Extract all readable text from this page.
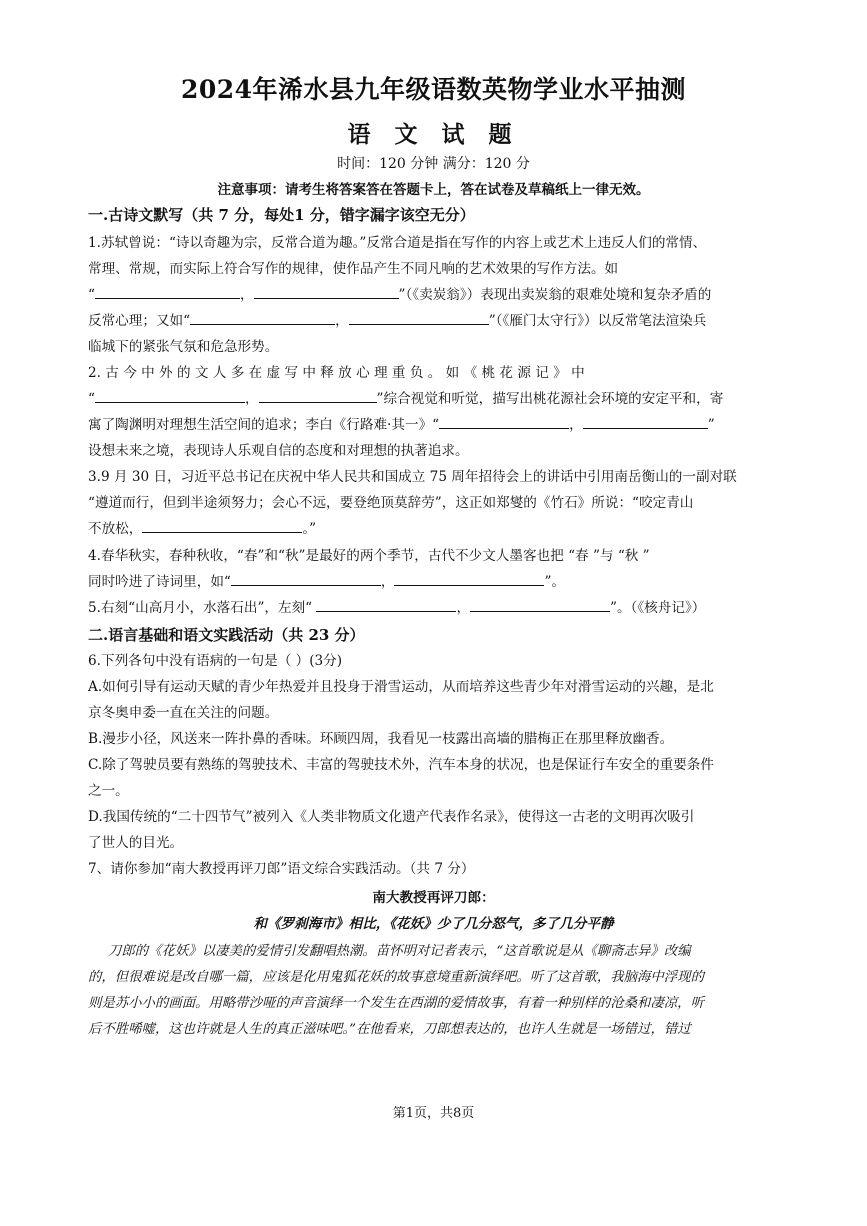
2024年浠水县九年级语数英物学业水平抽测
语 文 试 题
时间：120 分钟 满分：120 分
注意事项：请考生将答案答在答题卡上，答在试卷及草稿纸上一律无效。
一.古诗文默写（共 7 分，每处1 分，错字漏字该空无分）
1.苏轼曾说：“诗以奇趣为宗，反常合道为趣。”反常合道是指在写作的内容上或艺术上违反人们的常情、
常理、常规，而实际上符合写作的规律，使作品产生不同凡响的艺术效果的写作方法。如
“	，	”（《卖炭翁》）表现出卖炭翁的艰难处境和复杂矛盾的
反常心理；又如“	，	”（《雁门太守行》）以反常笔法渲染兵
临城下的紧张气氛和危急形势。
2. 古 今 中 外 的 文 人 多 在 虚 写 中 释 放 心 理 重 负 。 如 《 桃 花 源 记 》 中
“	，	”综合视觉和听觉，描写出桃花源社会环境的安定平和，寄
寓了陶渊明对理想生活空间的追求；李白《行路难·其一》“	，	”
设想未来之境，表现诗人乐观自信的态度和对理想的执著追求。
3.9 月 30 日，习近平总书记在庆祝中华人民共和国成立 75 周年招待会上的讲话中引用南岳衡山的一副对联
“遵道而行，但到半途须努力；会心不远，要登绝顶莫辞劳”，这正如郑燮的《竹石》所说：“咬定青山
不放松，	。”
4.春华秋实，春种秋收，“春”和“秋”是最好的两个季节，古代不少文人墨客也把 “春 ”与 “秋 ”
同时吟进了诗词里，如“	，	”。
5.右刻“山高月小，水落石出”，左刻“	，	”。（《核舟记》）
二.语言基础和语文实践活动（共 23 分）
6.下列各句中没有语病的一句是（ ）(3分)
A.如何引导有运动天赋的青少年热爱并且投身于滑雪运动，从而培养这些青少年对滑雪运动的兴趣，是北
京冬奥申委一直在关注的问题。
B.漫步小径，风送来一阵扑鼻的香味。环顾四周，我看见一枝露出高墙的腊梅正在那里释放幽香。
C.除了驾驶员要有熟练的驾驶技术、丰富的驾驶技术外，汽车本身的状况，也是保证行车安全的重要条件
之一。
D.我国传统的“二十四节气”被列入《人类非物质文化遗产代表作名录》，使得这一古老的文明再次吸引
了世人的目光。
7、请你参加“南大教授再评刀郎”语文综合实践活动。（共 7 分）
南大教授再评刀郎：
和《罗刹海市》相比，《花妖》少了几分怒气，多了几分平静
刀郎的《花妖》以凄美的爱情引发翻唱热潮。苗怀明对记者表示，“这首歌说是从《聊斋志异》改编
的，但很难说是改自哪一篇，应该是化用鬼狐花妖的故事意境重新演绎吧。听了这首歌，我脑海中浮现的
则是苏小小的画面。用略带沙哑的声音演绎一个发生在西湖的爱情故事，有着一种别样的沧桑和凄凉，听
后不胜唏嘘，这也许就是人生的真正滋味吧。”在他看来，刀郎想表达的，也许人生就是一场错过，错过
第1页，共8页
